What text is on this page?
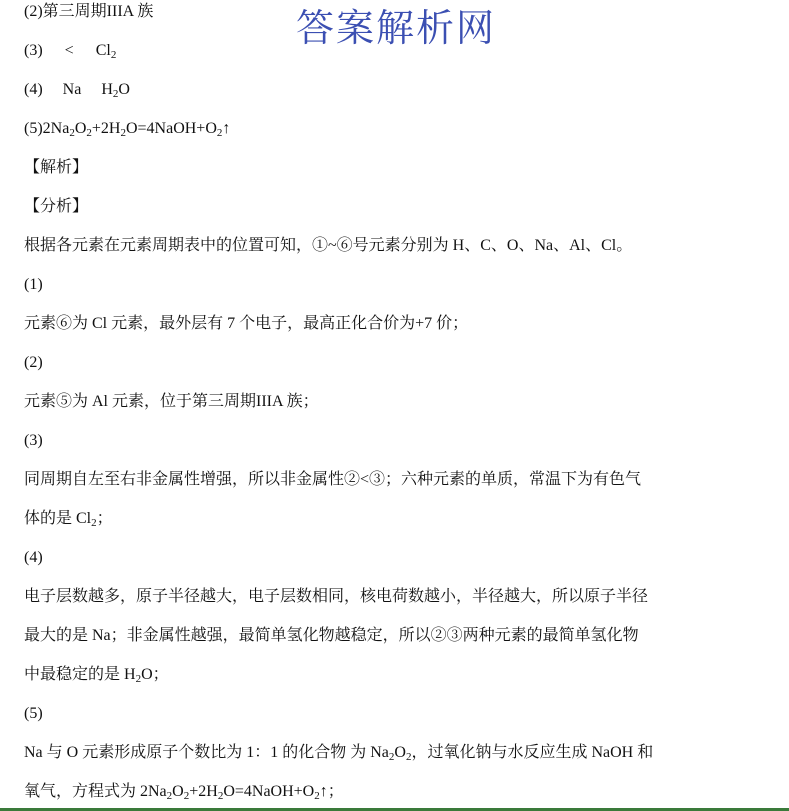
答案解析网
(2)第三周期IIIA 族
$(3) < Cl_2$
(4) Na $H_2O$
$(5)2Na_2O_2+2H_2O=4NaOH+O_2↑$
【解析】
【分析】
根据各元素在元素周期表中的位置可知，①~⑥号元素分别为 H、C、O、Na、Al、Cl。
(1)
元素⑥为 Cl 元素，最外层有 7 个电子，最高正化合价为+7 价；
(2)
元素⑤为 Al 元素，位于第三周期IIIA 族；
(3)
同周期自左至右非金属性增强，所以非金属性②<③；六种元素的单质，常温下为有色气
体的是 $Cl_2$；
(4)
电子层数越多，原子半径越大，电子层数相同，核电荷数越小，半径越大，所以原子半径
最大的是 Na；非金属性越强，最简单氢化物越稳定，所以②③两种元素的最简单氢化物
中最稳定的是 $H_2O$；
(5)
Na 与 O 元素形成原子个数比为 1：1 的化合物 为 $Na_2O_2$，过氧化钠与水反应生成 NaOH 和
氧气，方程式为 $2Na_2O_2+2H_2O=4NaOH+O_2↑$；
